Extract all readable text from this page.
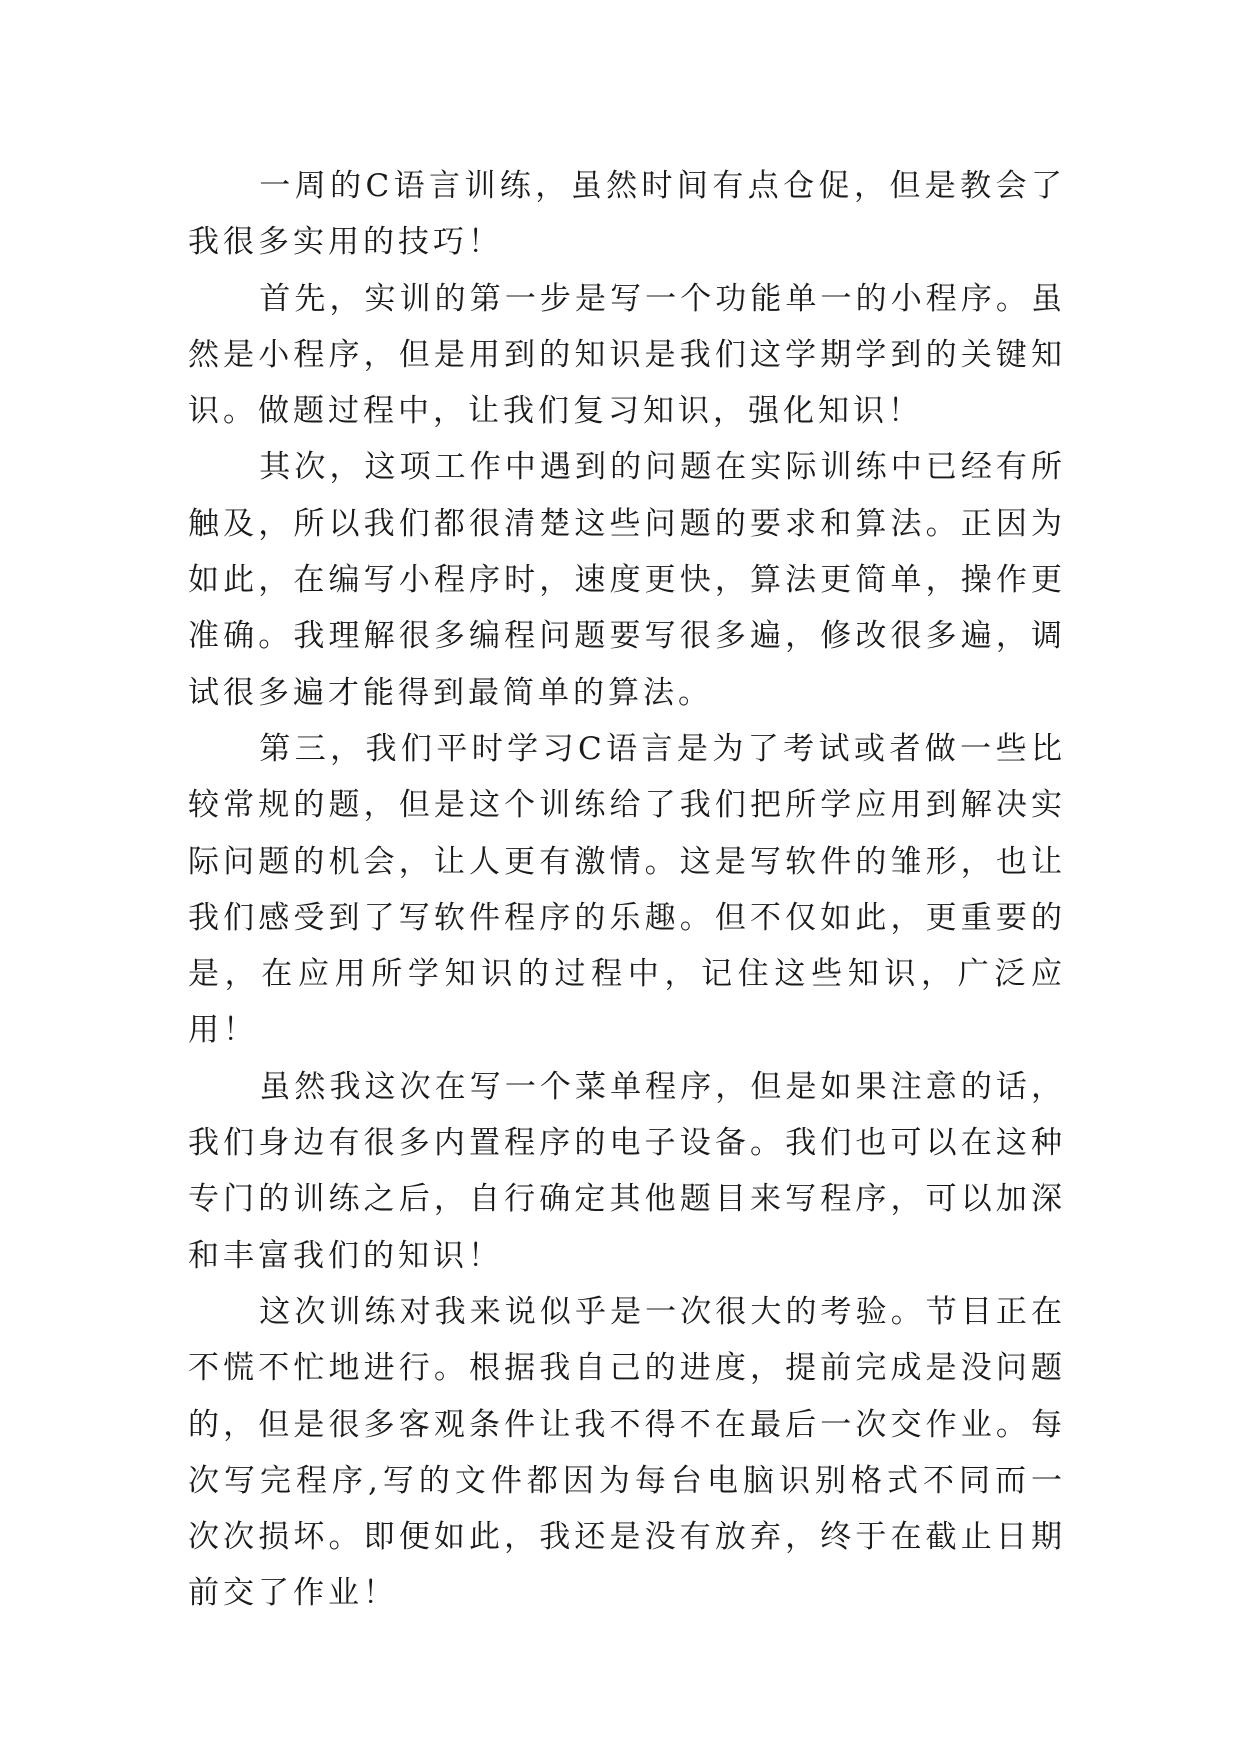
一周的C语言训练，虽然时间有点仓促，但是教会了我很多实用的技巧！

首先，实训的第一步是写一个功能单一的小程序。虽然是小程序，但是用到的知识是我们这学期学到的关键知识。做题过程中，让我们复习知识，强化知识！

其次，这项工作中遇到的问题在实际训练中已经有所触及，所以我们都很清楚这些问题的要求和算法。正因为如此，在编写小程序时，速度更快，算法更简单，操作更准确。我理解很多编程问题要写很多遍，修改很多遍，调试很多遍才能得到最简单的算法。

第三，我们平时学习C语言是为了考试或者做一些比较常规的题，但是这个训练给了我们把所学应用到解决实际问题的机会，让人更有激情。这是写软件的雏形，也让我们感受到了写软件程序的乐趣。但不仅如此，更重要的是，在应用所学知识的过程中，记住这些知识，广泛应用！

虽然我这次在写一个菜单程序，但是如果注意的话，我们身边有很多内置程序的电子设备。我们也可以在这种专门的训练之后，自行确定其他题目来写程序，可以加深和丰富我们的知识！

这次训练对我来说似乎是一次很大的考验。节目正在不慌不忙地进行。根据我自己的进度，提前完成是没问题的，但是很多客观条件让我不得不在最后一次交作业。每次写完程序,写的文件都因为每台电脑识别格式不同而一次次损坏。即便如此，我还是没有放弃，终于在截止日期前交了作业！
